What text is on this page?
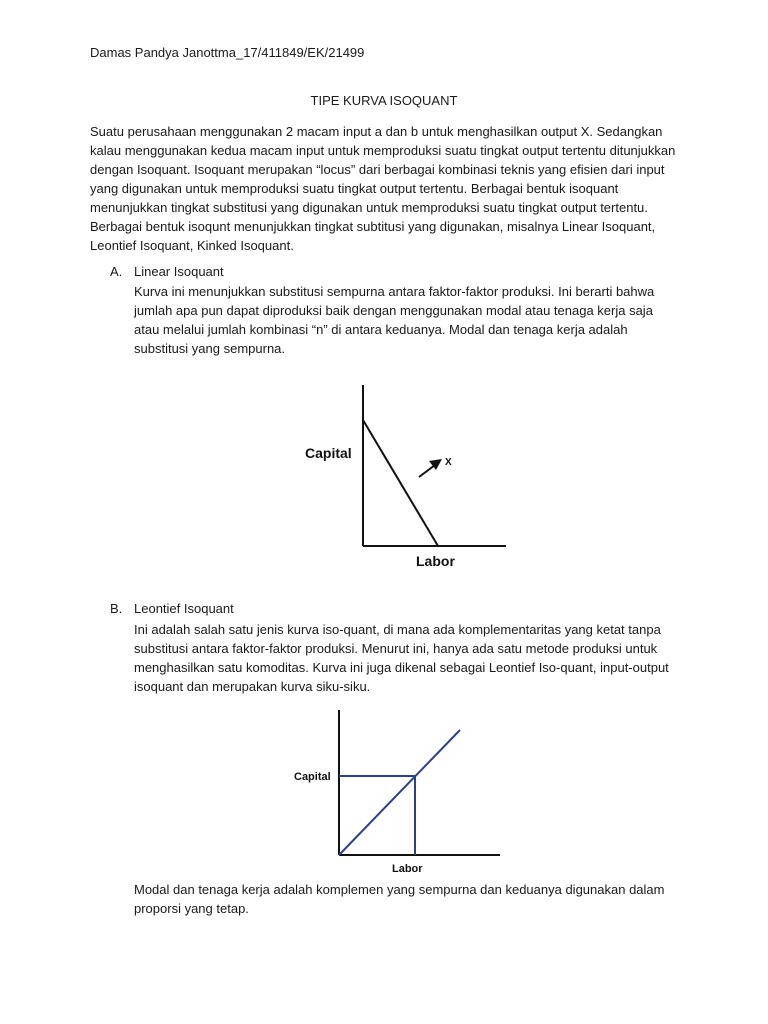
Damas Pandya Janottma_17/411849/EK/21499
TIPE KURVA ISOQUANT
Suatu perusahaan menggunakan 2 macam input a dan b untuk menghasilkan output X. Sedangkan kalau menggunakan kedua macam input untuk memproduksi suatu tingkat output tertentu ditunjukkan dengan Isoquant. Isoquant merupakan “locus” dari berbagai kombinasi teknis yang efisien dari input yang digunakan untuk memproduksi suatu tingkat output tertentu. Berbagai bentuk isoquant menunjukkan tingkat substitusi yang digunakan untuk memproduksi suatu tingkat output tertentu. Berbagai bentuk isoqunt menunjukkan tingkat subtitusi yang digunakan, misalnya Linear Isoquant, Leontief Isoquant, Kinked Isoquant.
A. Linear Isoquant
Kurva ini menunjukkan substitusi sempurna antara faktor-faktor produksi. Ini berarti bahwa jumlah apa pun dapat diproduksi baik dengan menggunakan modal atau tenaga kerja saja atau melalui jumlah kombinasi “n” di antara keduanya. Modal dan tenaga kerja adalah substitusi yang sempurna.
X
Capital
Labor
B. Leontief Isoquant
Ini adalah salah satu jenis kurva iso-quant, di mana ada komplementaritas yang ketat tanpa substitusi antara faktor-faktor produksi. Menurut ini, hanya ada satu metode produksi untuk menghasilkan satu komoditas. Kurva ini juga dikenal sebagai Leontief Iso-quant, input-output isoquant dan merupakan kurva siku-siku.
Capital
Labor
Modal dan tenaga kerja adalah komplemen yang sempurna dan keduanya digunakan dalam proporsi yang tetap.
